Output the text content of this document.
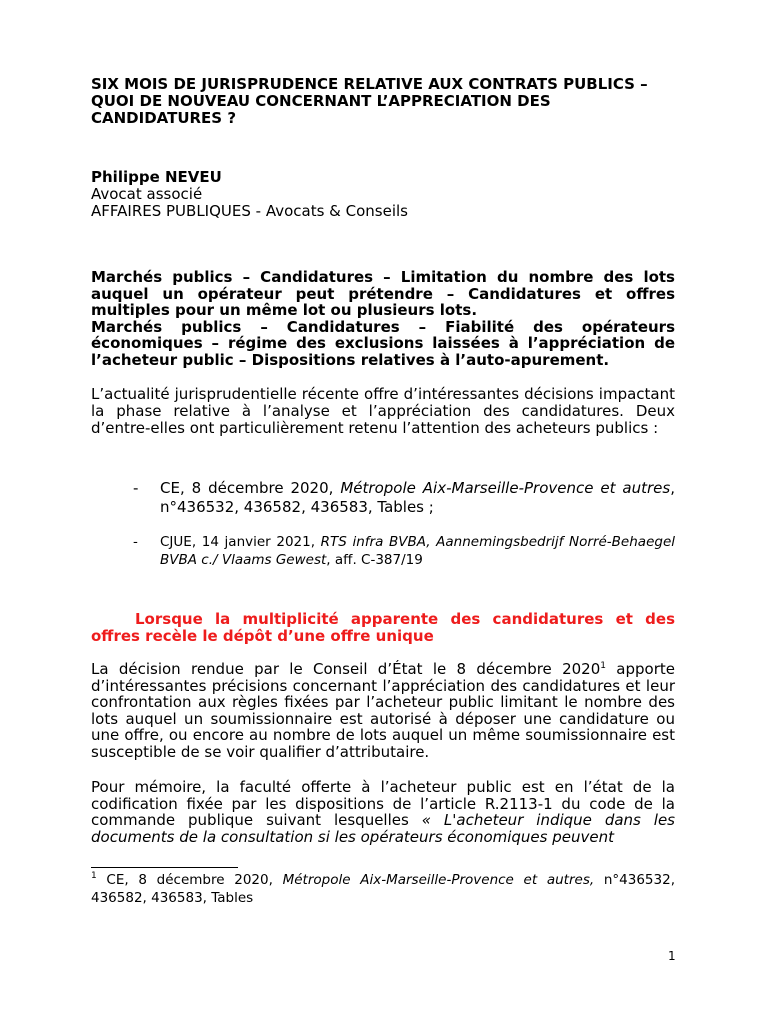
SIX MOIS DE JURISPRUDENCE RELATIVE AUX CONTRATS PUBLICS –
QUOI DE NOUVEAU CONCERNANT L’APPRECIATION DES
CANDIDATURES ?
Philippe NEVEU
Avocat associé
AFFAIRES PUBLIQUES - Avocats & Conseils
Marchés publics – Candidatures – Limitation du nombre des lots auquel un opérateur peut prétendre – Candidatures et offres multiples pour un même lot ou plusieurs lots.
Marchés publics – Candidatures – Fiabilité des opérateurs économiques – régime des exclusions laissées à l’appréciation de l’acheteur public – Dispositions relatives à l’auto-apurement.
L’actualité jurisprudentielle récente offre d’intéressantes décisions impactant la phase relative à l’analyse et l’appréciation des candidatures. Deux d’entre-elles ont particulièrement retenu l’attention des acheteurs publics :
- CE, 8 décembre 2020, Métropole Aix-Marseille-Provence et autres, n°436532, 436582, 436583, Tables ;
- CJUE, 14 janvier 2021, RTS infra BVBA, Aannemingsbedrijf Norré-Behaegel BVBA c./ Vlaams Gewest, aff. C-387/19
Lorsque la multiplicité apparente des candidatures et des offres recèle le dépôt d’une offre unique
La décision rendue par le Conseil d’État le 8 décembre 2020$^1$ apporte d’intéressantes précisions concernant l’appréciation des candidatures et leur confrontation aux règles fixées par l’acheteur public limitant le nombre des lots auquel un soumissionnaire est autorisé à déposer une candidature ou une offre, ou encore au nombre de lots auquel un même soumissionnaire est susceptible de se voir qualifier d’attributaire.
Pour mémoire, la faculté offerte à l’acheteur public est en l’état de la codification fixée par les dispositions de l’article R.2113-1 du code de la commande publique suivant lesquelles « L'acheteur indique dans les documents de la consultation si les opérateurs économiques peuvent
$^1$ CE, 8 décembre 2020, Métropole Aix-Marseille-Provence et autres, n°436532, 436582, 436583, Tables
1
